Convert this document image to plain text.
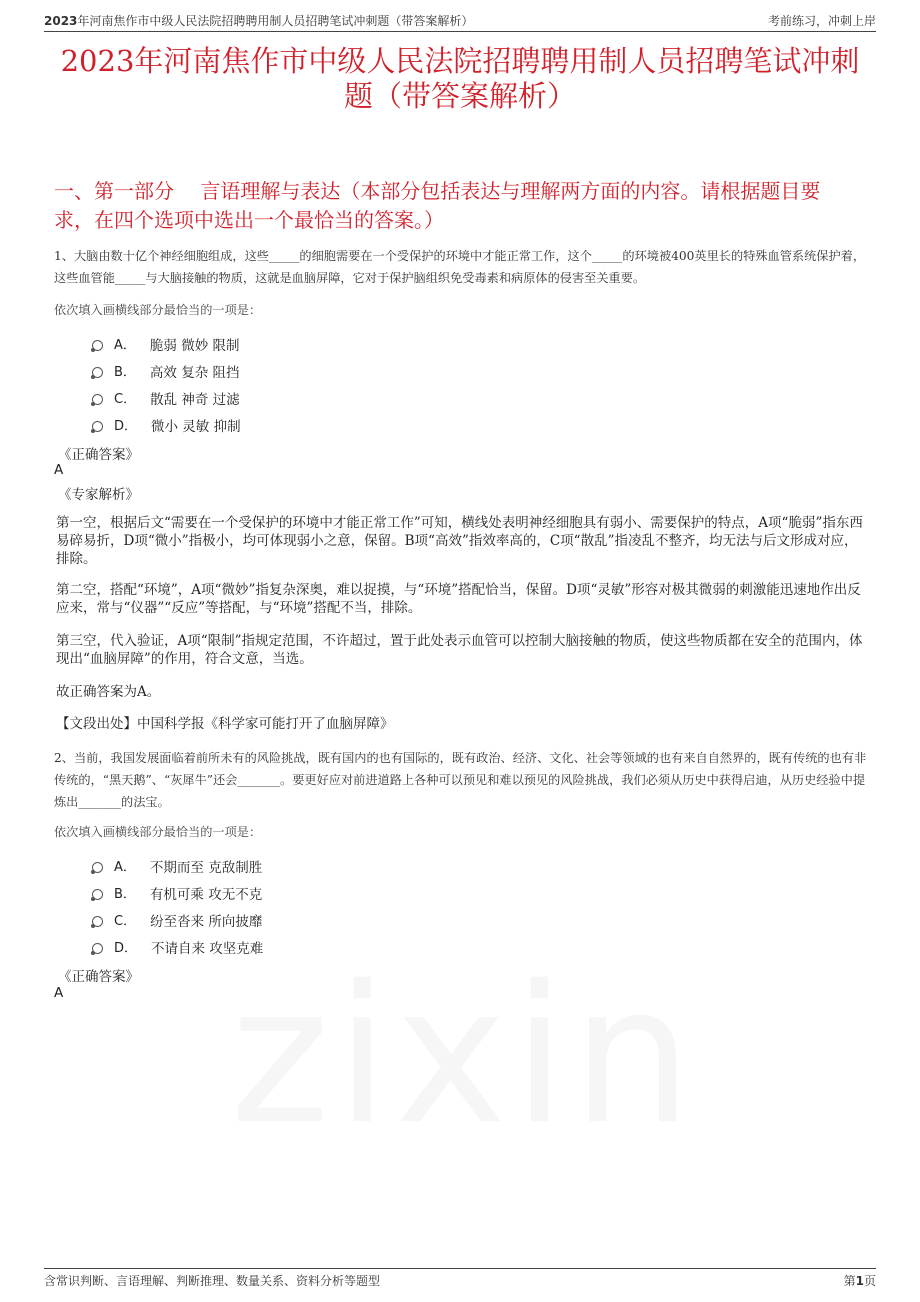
2023年河南焦作市中级人民法院招聘聘用制人员招聘笔试冲刺题（带答案解析）	考前练习，冲刺上岸
2023年河南焦作市中级人民法院招聘聘用制人员招聘笔试冲刺题（带答案解析）
一、第一部分　 言语理解与表达（本部分包括表达与理解两方面的内容。请根据题目要求，在四个选项中选出一个最恰当的答案。）
1、大脑由数十亿个神经细胞组成，这些_____的细胞需要在一个受保护的环境中才能正常工作，这个_____的环境被400英里长的特殊血管系统保护着，这些血管能_____与大脑接触的物质，这就是血脑屏障，它对于保护脑组织免受毒素和病原体的侵害至关重要。
依次填入画横线部分最恰当的一项是：
A． 脆弱 微妙 限制
B． 高效 复杂 阻挡
C． 散乱 神奇 过滤
D． 微小 灵敏 抑制
《正确答案》
A
《专家解析》
第一空，根据后文“需要在一个受保护的环境中才能正常工作”可知，横线处表明神经细胞具有弱小、需要保护的特点，A项“脆弱”指东西易碎易折，D项“微小”指极小，均可体现弱小之意，保留。B项“高效”指效率高的，C项“散乱”指凌乱不整齐，均无法与后文形成对应，排除。
第二空，搭配“环境”，A项“微妙”指复杂深奥，难以捉摸，与“环境”搭配恰当，保留。D项“灵敏”形容对极其微弱的刺激能迅速地作出反应来，常与“仪器”“反应”等搭配，与“环境”搭配不当，排除。
第三空，代入验证，A项“限制”指规定范围，不许超过，置于此处表示血管可以控制大脑接触的物质，使这些物质都在安全的范围内，体现出“血脑屏障”的作用，符合文意，当选。
故正确答案为A。
【文段出处】中国科学报《科学家可能打开了血脑屏障》
2、当前，我国发展面临着前所未有的风险挑战，既有国内的也有国际的，既有政治、经济、文化、社会等领域的也有来自自然界的，既有传统的也有非传统的，“黑天鹅”、“灰犀牛”还会_______。要更好应对前进道路上各种可以预见和难以预见的风险挑战，我们必须从历史中获得启迪，从历史经验中提炼出_______的法宝。
依次填入画横线部分最恰当的一项是：
A． 不期而至 克敌制胜
B． 有机可乘 攻无不克
C． 纷至沓来 所向披靡
D． 不请自来 攻坚克难
《正确答案》
A
含常识判断、言语理解、判断推理、数量关系、资料分析等题型	第1页
